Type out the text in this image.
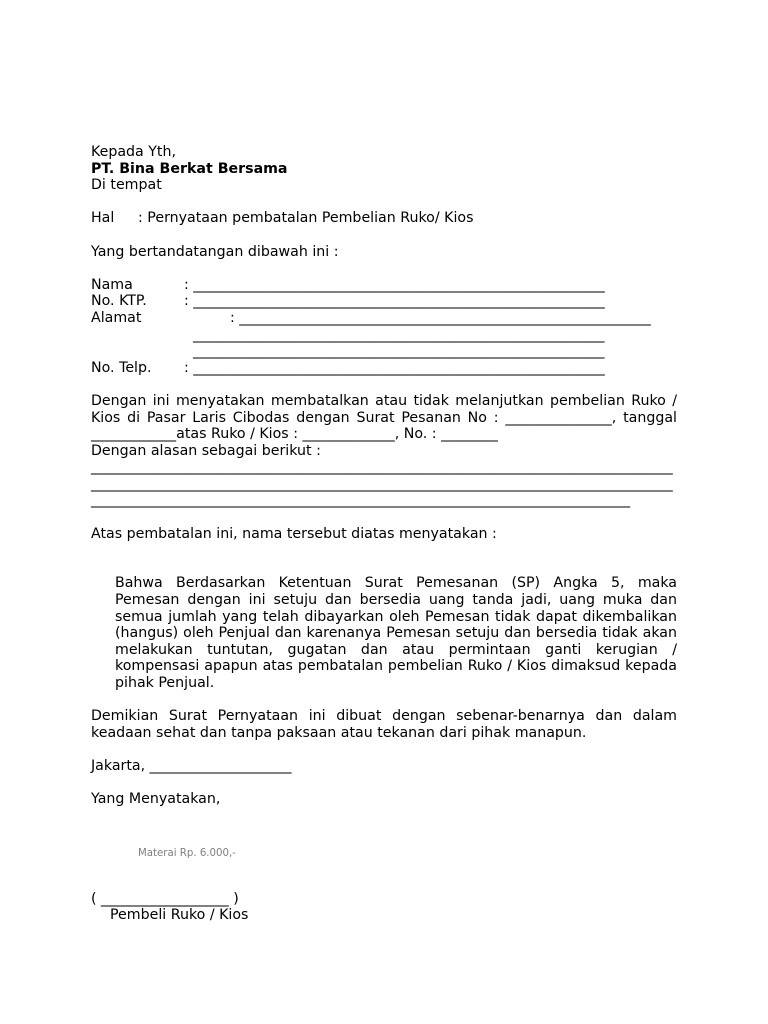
Kepada Yth,
PT. Bina Berkat Bersama
Di tempat
Hal : Pernyataan pembatalan Pembelian Ruko/ Kios
Yang bertandatangan dibawah ini :
Nama	: __________________________________________________________
No. KTP.	: __________________________________________________________
Alamat	: __________________________________________________________
__________________________________________________________
__________________________________________________________
No. Telp. : __________________________________________________________
Dengan ini menyatakan membatalkan atau tidak melanjutkan pembelian Ruko /
Kios di Pasar Laris Cibodas dengan Surat Pesanan No : _______________, tanggal
____________atas Ruko / Kios : _____________, No. : ________
Dengan alasan sebagai berikut :
__________________________________________________________________________________
__________________________________________________________________________________
____________________________________________________________________________
Atas pembatalan ini, nama tersebut diatas menyatakan :
Bahwa Berdasarkan Ketentuan Surat Pemesanan (SP) Angka 5, maka
Pemesan dengan ini setuju dan bersedia uang tanda jadi, uang muka dan
semua jumlah yang telah dibayarkan oleh Pemesan tidak dapat dikembalikan
(hangus) oleh Penjual dan karenanya Pemesan setuju dan bersedia tidak akan
melakukan tuntutan, gugatan dan atau permintaan ganti kerugian /
kompensasi apapun atas pembatalan pembelian Ruko / Kios dimaksud kepada
pihak Penjual.
Demikian Surat Pernyataan ini dibuat dengan sebenar-benarnya dan dalam
keadaan sehat dan tanpa paksaan atau tekanan dari pihak manapun.
Jakarta, ____________________
Yang Menyatakan,
( __________________ )
Pembeli Ruko / Kios
Materai Rp. 6.000,-
